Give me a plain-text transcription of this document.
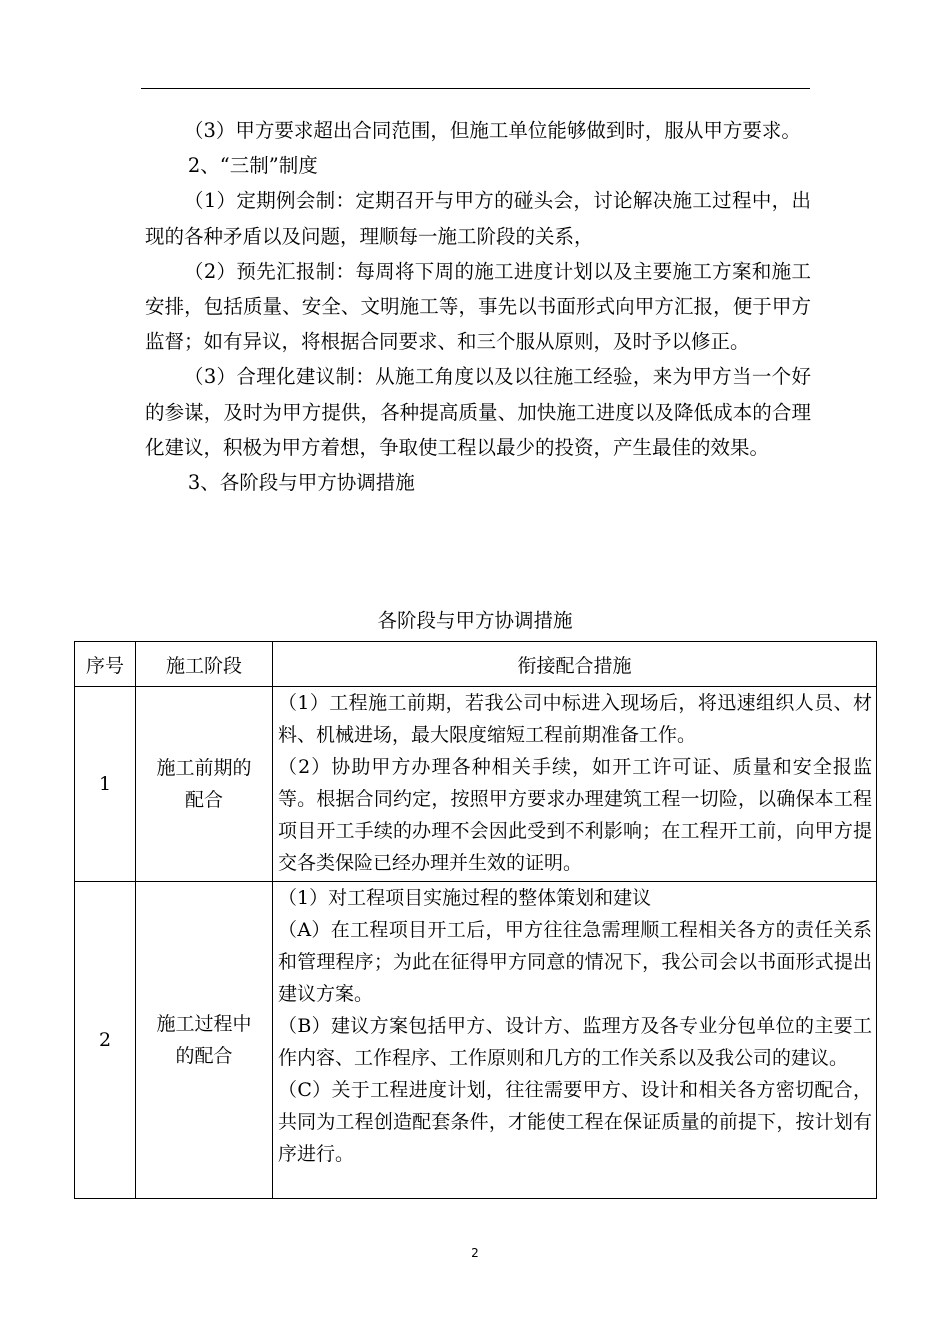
（3）甲方要求超出合同范围，但施工单位能够做到时，服从甲方要求。

2、“三制”制度

（1）定期例会制：定期召开与甲方的碰头会，讨论解决施工过程中，出现的各种矛盾以及问题，理顺每一施工阶段的关系，

（2）预先汇报制：每周将下周的施工进度计划以及主要施工方案和施工安排，包括质量、安全、文明施工等，事先以书面形式向甲方汇报，便于甲方监督；如有异议，将根据合同要求、和三个服从原则，及时予以修正。

（3）合理化建议制：从施工角度以及以往施工经验，来为甲方当一个好的参谋，及时为甲方提供，各种提高质量、加快施工进度以及降低成本的合理化建议，积极为甲方着想，争取使工程以最少的投资，产生最佳的效果。

3、各阶段与甲方协调措施

各阶段与甲方协调措施
序号	施工阶段	衔接配合措施
1	施工前期的配合	（1）工程施工前期，若我公司中标进入现场后，将迅速组织人员、材料、机械进场，最大限度缩短工程前期准备工作。

（2）协助甲方办理各种相关手续，如开工许可证、质量和安全报监等。根据合同约定，按照甲方要求办理建筑工程一切险，以确保本工程项目开工手续的办理不会因此受到不利影响；在工程开工前，向甲方提交各类保险已经办理并生效的证明。

2	施工过程中的配合	（1）对工程项目实施过程的整体策划和建议

（A）在工程项目开工后，甲方往往急需理顺工程相关各方的责任关系和管理程序；为此在征得甲方同意的情况下，我公司会以书面形式提出建议方案。

（B）建议方案包括甲方、设计方、监理方及各专业分包单位的主要工作内容、工作程序、工作原则和几方的工作关系以及我公司的建议。

（C）关于工程进度计划，往往需要甲方、设计和相关各方密切配合，共同为工程创造配套条件，才能使工程在保证质量的前提下，按计划有序进行。

2
